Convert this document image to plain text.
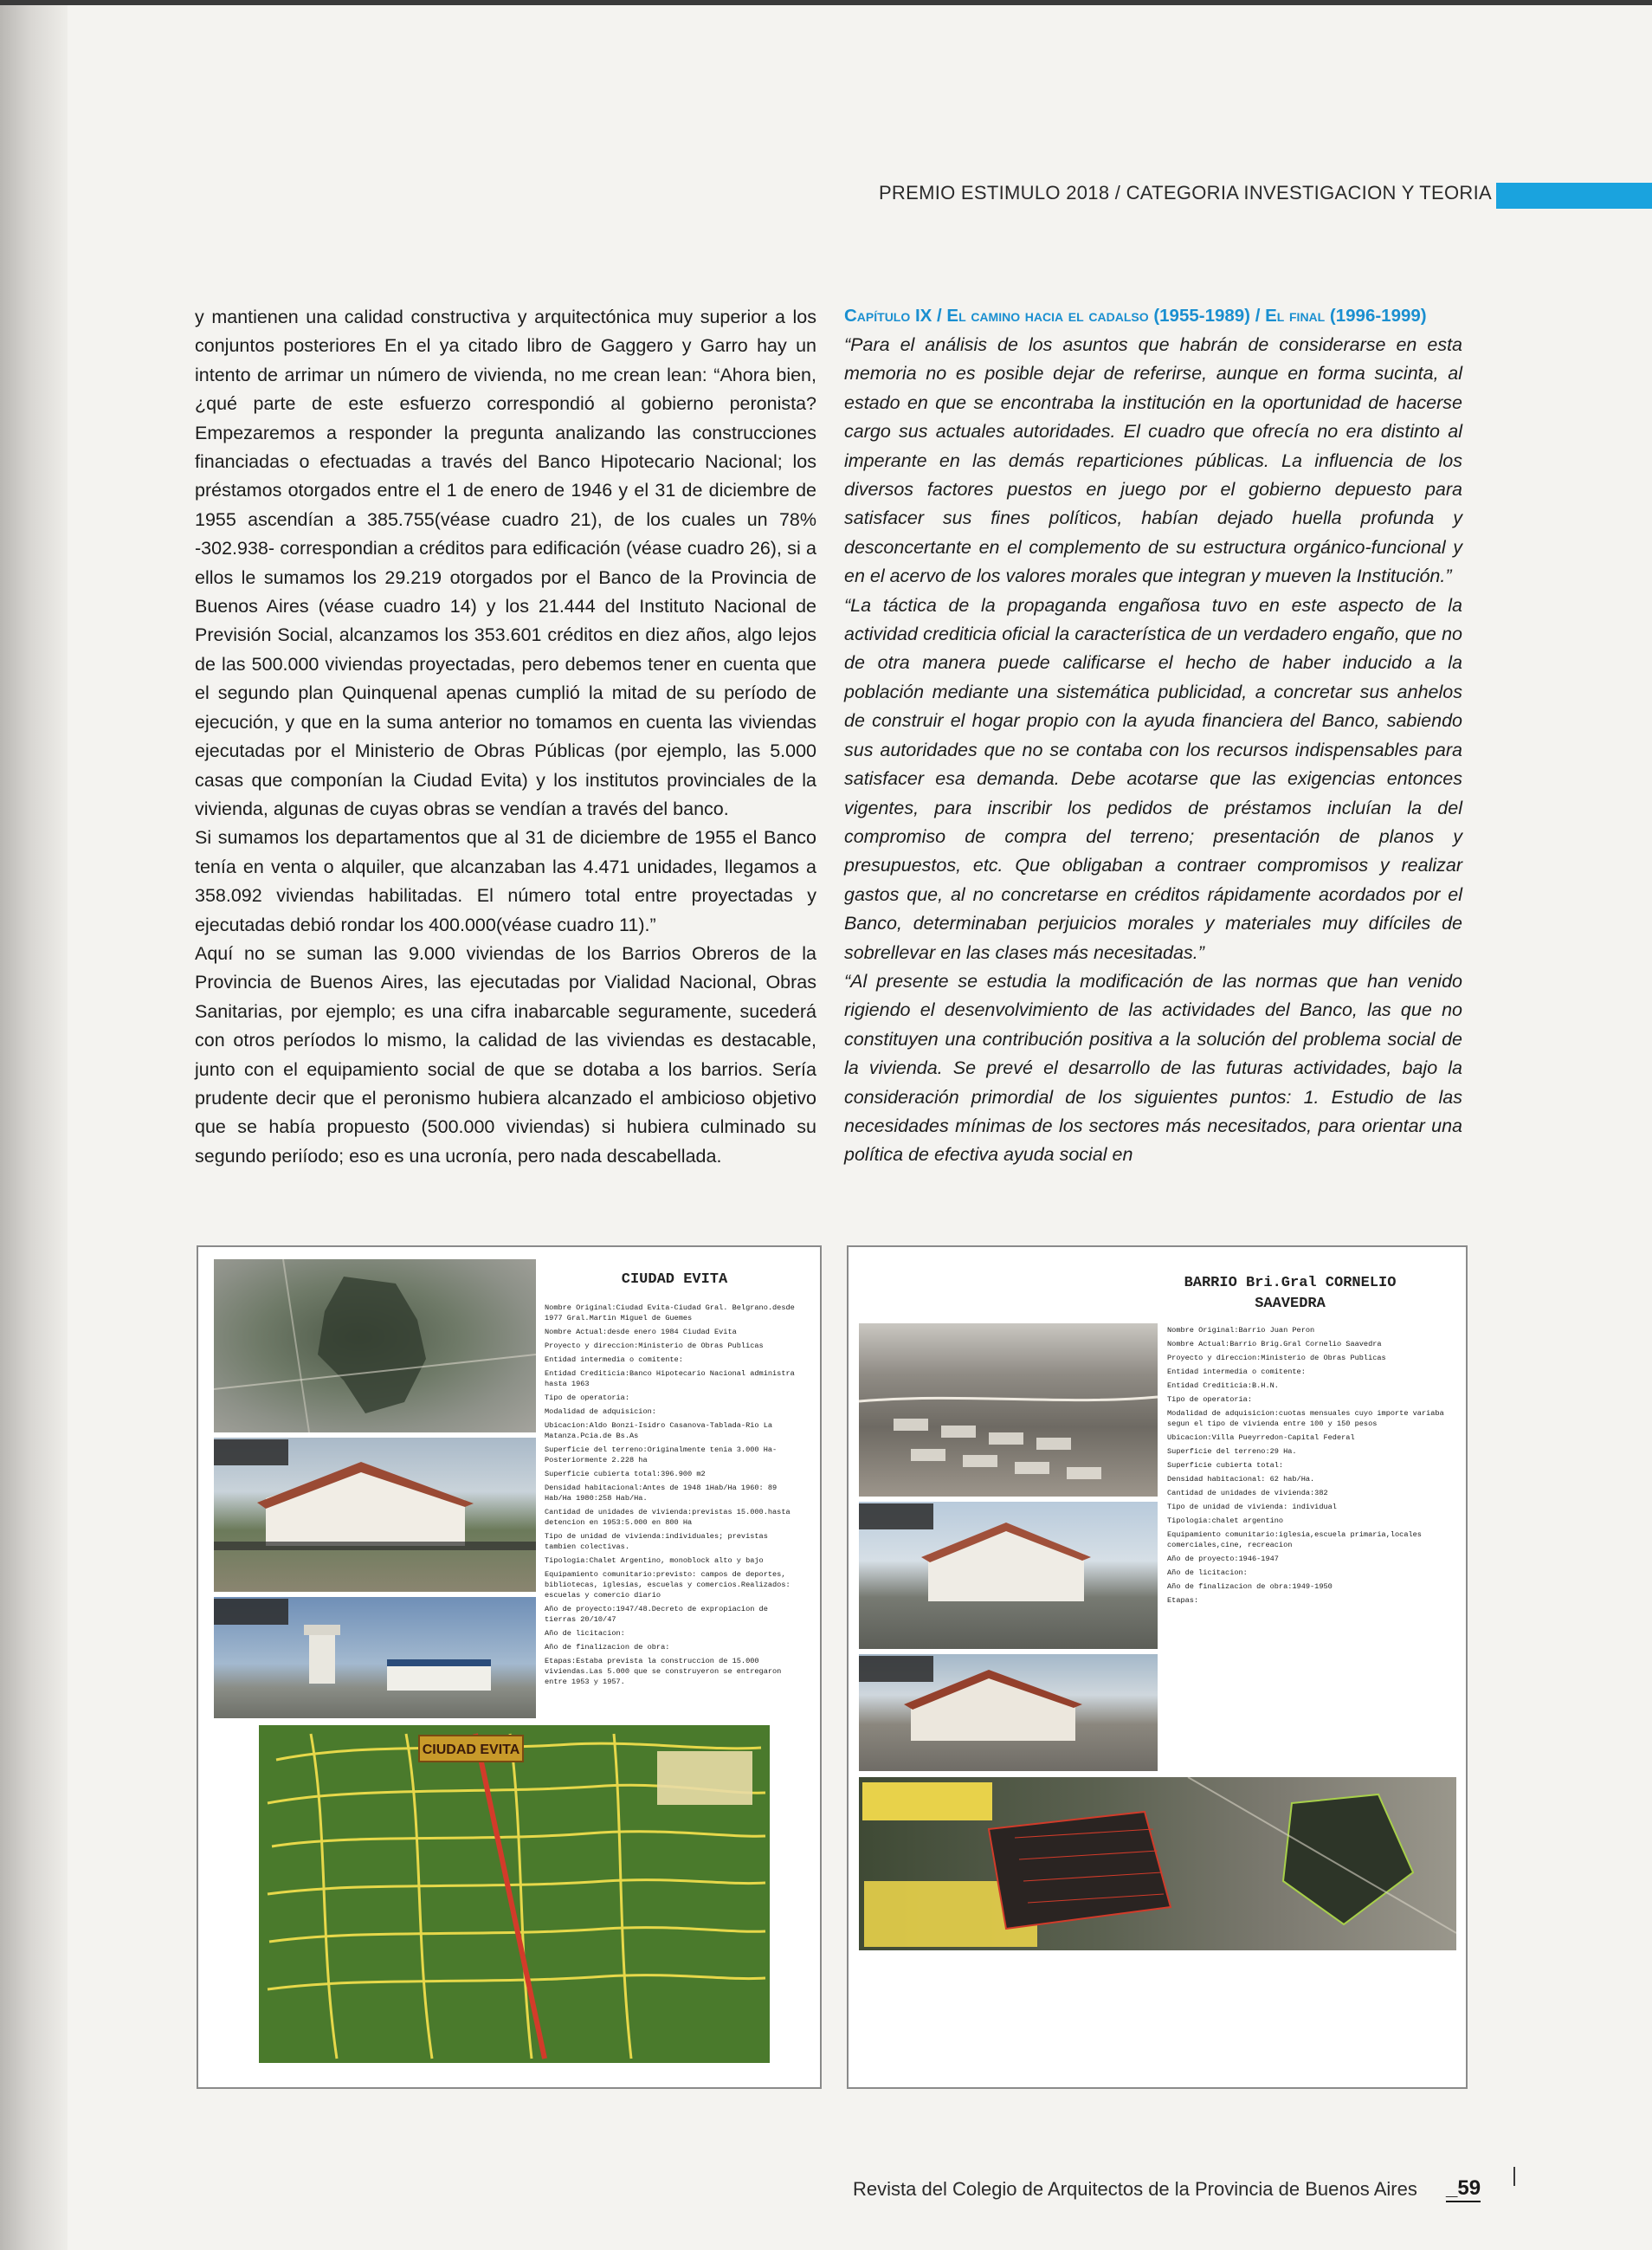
PREMIO ESTIMULO 2018 / CATEGORIA INVESTIGACION Y TEORIA

y mantienen una calidad constructiva y arquitectónica muy superior a los conjuntos posteriores En el ya citado libro de Gaggero y Garro hay un intento de arrimar un número de vivienda, no me crean lean: “Ahora bien, ¿qué parte de este esfuerzo correspondió al gobierno peronista? Empezaremos a responder la pregunta analizando las construcciones financiadas o efectuadas a través del Banco Hipotecario Nacional; los préstamos otorgados entre el 1 de enero de 1946 y el 31 de diciembre de 1955 ascendían a 385.755(véase cuadro 21), de los cuales un 78% -302.938- correspondian a créditos para edificación (véase cuadro 26), si a ellos le sumamos los 29.219 otorgados por el Banco de la Provincia de Buenos Aires (véase cuadro 14) y los 21.444 del Instituto Nacional de Previsión Social, alcanzamos los 353.601 créditos en diez años, algo lejos de las 500.000 viviendas proyectadas, pero debemos tener en cuenta que el segundo plan Quinquenal apenas cumplió la mitad de su período de ejecución, y que en la suma anterior no tomamos en cuenta las viviendas ejecutadas por el Ministerio de Obras Públicas (por ejemplo, las 5.000 casas que componían la Ciudad Evita) y los institutos provinciales de la vivienda, algunas de cuyas obras se vendían a través del banco.

Si sumamos los departamentos que al 31 de diciembre de 1955 el Banco tenía en venta o alquiler, que alcanzaban las 4.471 unidades, llegamos a 358.092 viviendas habilitadas. El número total entre proyectadas y ejecutadas debió rondar los 400.000(véase cuadro 11).”

Aquí no se suman las 9.000 viviendas de los Barrios Obreros de la Provincia de Buenos Aires, las ejecutadas por Vialidad Nacional, Obras Sanitarias, por ejemplo; es una cifra inabarcable seguramente, sucederá con otros períodos lo mismo, la calidad de las viviendas es destacable, junto con el equipamiento social de que se dotaba a los barrios. Sería prudente decir que el peronismo hubiera alcanzado el ambicioso objetivo que se había propuesto (500.000 viviendas) si hubiera culminado su segundo periíodo; eso es una ucronía, pero nada descabellada.

Capítulo IX / El camino hacia el cadalso (1955-1989) / El final (1996-1999)

“Para el análisis de los asuntos que habrán de considerarse en esta memoria no es posible dejar de referirse, aunque en forma sucinta, al estado en que se encontraba la institución en la oportunidad de hacerse cargo sus actuales autoridades. El cuadro que ofrecía no era distinto al imperante en las demás reparticiones públicas. La influencia de los diversos factores puestos en juego por el gobierno depuesto para satisfacer sus fines políticos, habían dejado huella profunda y desconcertante en el complemento de su estructura orgánico-funcional y en el acervo de los valores morales que integran y mueven la Institución.”

“La táctica de la propaganda engañosa tuvo en este aspecto de la actividad crediticia oficial la característica de un verdadero engaño, que no de otra manera puede calificarse el hecho de haber inducido a la población mediante una sistemática publicidad, a concretar sus anhelos de construir el hogar propio con la ayuda financiera del Banco, sabiendo sus autoridades que no se contaba con los recursos indispensables para satisfacer esa demanda. Debe acotarse que las exigencias entonces vigentes, para inscribir los pedidos de préstamos incluían la del compromiso de compra del terreno; presentación de planos y presupuestos, etc. Que obligaban a contraer compromisos y realizar gastos que, al no concretarse en créditos rápidamente acordados por el Banco, determinaban perjuicios morales y materiales muy difíciles de sobrellevar en las clases más necesitadas.”

“Al presente se estudia la modificación de las normas que han venido rigiendo el desenvolvimiento de las actividades del Banco, las que no constituyen una contribución positiva a la solución del problema social de la vivienda. Se prevé el desarrollo de las futuras actividades, bajo la consideración primordial de los siguientes puntos: 1. Estudio de las necesidades mínimas de los sectores más necesitados, para orientar una política de efectiva ayuda social en

CIUDAD EVITA
CIUDAD EVITA
Nombre Original:Ciudad Evita-Ciudad Gral. Belgrano.desde 1977 Gral.Martin Miguel de Guemes
Nombre Actual:desde enero 1984 Ciudad Evita
Proyecto y direccion:Ministerio de Obras Publicas
Entidad intermedia o comitente:
Entidad Crediticia:Banco Hipotecario Nacional administra hasta 1963
Tipo de operatoria:
Modalidad de adquisicion:
Ubicacion:Aldo Bonzi-Isidro Casanova-Tablada-Rio La Matanza.Pcia.de Bs.As
Superficie del terreno:Originalmente tenia 3.000 Ha-Posteriormente 2.228 ha
Superficie cubierta total:396.900 m2
Densidad habitacional:Antes de 1948 1Hab/Ha 1960: 89 Hab/Ha 1980:258 Hab/Ha.
Cantidad de unidades de vivienda:previstas 15.000.hasta detencion en 1953:5.000 en 800 Ha
Tipo de unidad de vivienda:individuales; previstas tambien colectivas.
Tipologia:Chalet Argentino, monoblock alto y bajo
Equipamiento comunitario:previsto: campos de deportes, bibliotecas, iglesias, escuelas y comercios.Realizados: escuelas y comercio diario
Año de proyecto:1947/48.Decreto de expropiacion de tierras 20/10/47
Año de licitacion:
Año de finalizacion de obra:
Etapas:Estaba prevista la construccion de 15.000 viviendas.Las 5.000 que se construyeron se entregaron entre 1953 y 1957.
BARRIO Bri.Gral CORNELIO SAAVEDRA
Nombre Original:Barrio Juan Peron
Nombre Actual:Barrio Brig.Gral Cornelio Saavedra
Proyecto y direccion:Ministerio de Obras Publicas
Entidad intermedia o comitente:
Entidad Crediticia:B.H.N.
Tipo de operatoria:
Modalidad de adquisicion:cuotas mensuales cuyo importe variaba segun el tipo de vivienda entre 100 y 150 pesos
Ubicacion:Villa Pueyrredon-Capital Federal
Superficie del terreno:29 Ha.
Superficie cubierta total:
Densidad habitacional: 62 hab/Ha.
Cantidad de unidades de vivienda:382
Tipo de unidad de vivienda: individual
Tipologia:chalet argentino
Equipamiento comunitario:iglesia,escuela primaria,locales comerciales,cine, recreacion
Año de proyecto:1946-1947
Año de licitacion:
Año de finalizacion de obra:1949-1950
Etapas:
Revista del Colegio de Arquitectos de la Provincia de Buenos Aires _59
